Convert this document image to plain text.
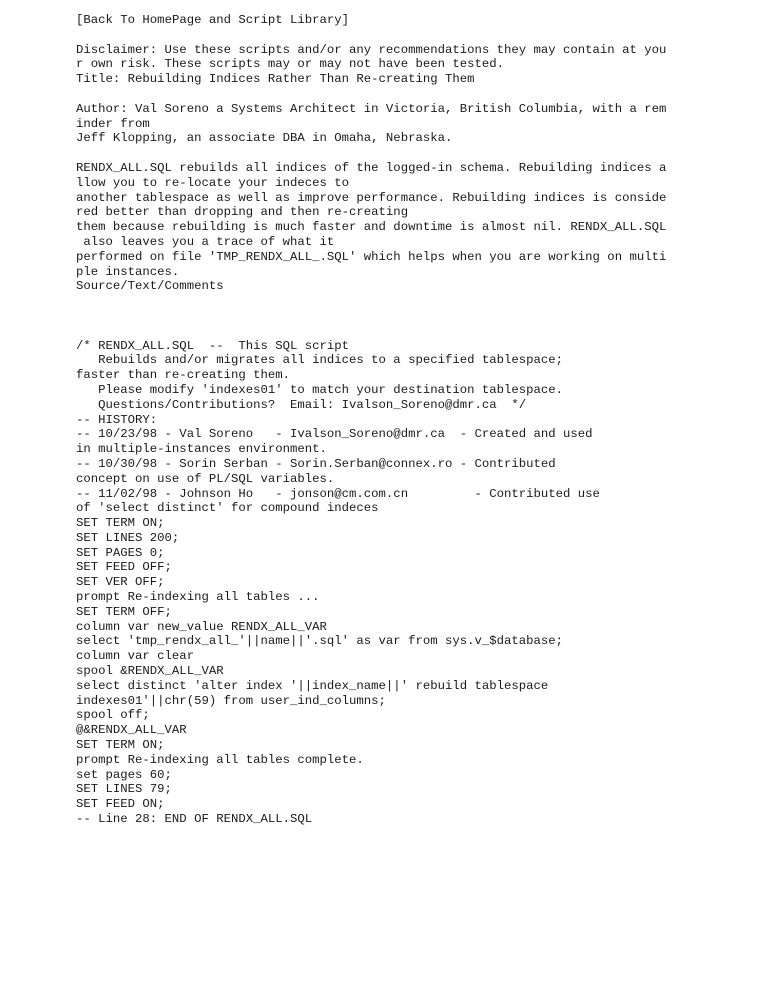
[Back To HomePage and Script Library]
Disclaimer: Use these scripts and/or any recommendations they may contain at you
r own risk. These scripts may or may not have been tested.
Title: Rebuilding Indices Rather Than Re-creating Them
Author: Val Soreno a Systems Architect in Victoria, British Columbia, with a rem
inder from
Jeff Klopping, an associate DBA in Omaha, Nebraska.
RENDX_ALL.SQL rebuilds all indices of the logged-in schema. Rebuilding indices a
llow you to re-locate your indeces to
another tablespace as well as improve performance. Rebuilding indices is conside
red better than dropping and then re-creating
them because rebuilding is much faster and downtime is almost nil. RENDX_ALL.SQL
also leaves you a trace of what it
performed on file 'TMP_RENDX_ALL_.SQL' which helps when you are working on multi
ple instances.
Source/Text/Comments
/* RENDX_ALL.SQL  --  This SQL script
Rebuilds and/or migrates all indices to a specified tablespace;
faster than re-creating them.
Please modify 'indexes01' to match your destination tablespace.
Questions/Contributions?  Email: Ivalson_Soreno@dmr.ca  */
-- HISTORY:
-- 10/23/98 - Val Soreno   - Ivalson_Soreno@dmr.ca  - Created and used
in multiple-instances environment.
-- 10/30/98 - Sorin Serban - Sorin.Serban@connex.ro - Contributed
concept on use of PL/SQL variables.
-- 11/02/98 - Johnson Ho   - jonson@cm.com.cn         - Contributed use
of 'select distinct' for compound indeces
SET TERM ON;
SET LINES 200;
SET PAGES 0;
SET FEED OFF;
SET VER OFF;
prompt Re-indexing all tables ...
SET TERM OFF;
column var new_value RENDX_ALL_VAR
select 'tmp_rendx_all_'||name||'.sql' as var from sys.v_$database;
column var clear
spool &RENDX_ALL_VAR
select distinct 'alter index '||index_name||' rebuild tablespace
indexes01'||chr(59) from user_ind_columns;
spool off;
@&RENDX_ALL_VAR
SET TERM ON;
prompt Re-indexing all tables complete.
set pages 60;
SET LINES 79;
SET FEED ON;
-- Line 28: END OF RENDX_ALL.SQL
